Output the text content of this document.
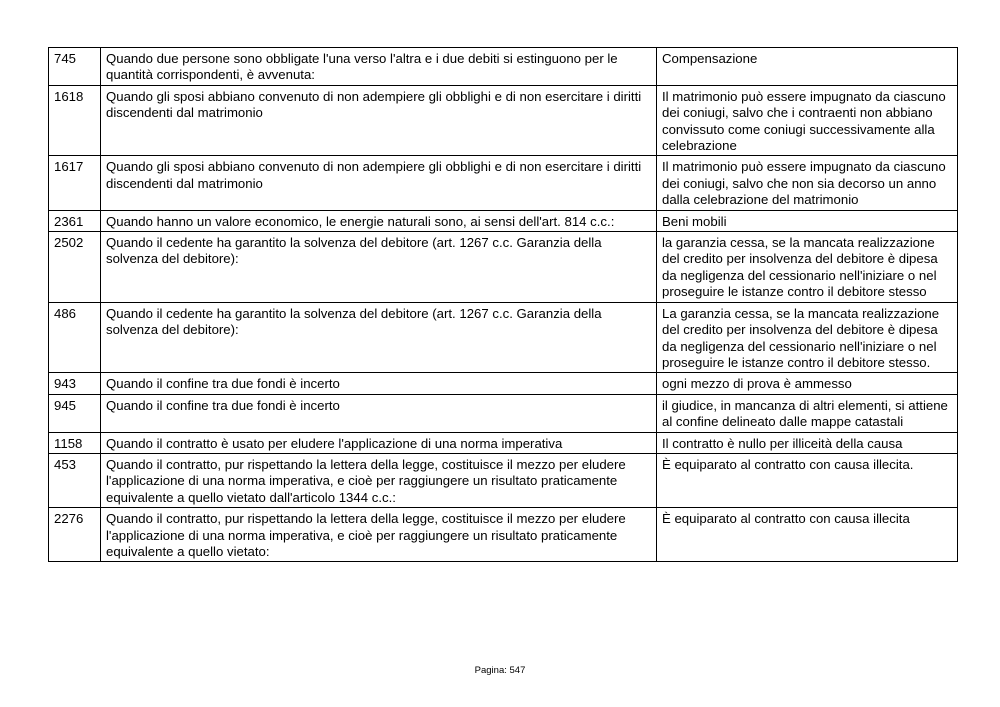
745	Quando due persone sono obbligate l'una verso l'altra e i due debiti si estinguono per le quantità corrispondenti, è avvenuta:	Compensazione
1618	Quando gli sposi abbiano convenuto di non adempiere gli obblighi e di non esercitare i diritti discendenti dal matrimonio	Il matrimonio può essere impugnato da ciascuno dei coniugi, salvo che i contraenti non abbiano convissuto come coniugi successivamente alla celebrazione
1617	Quando gli sposi abbiano convenuto di non adempiere gli obblighi e di non esercitare i diritti discendenti dal matrimonio	Il matrimonio può essere impugnato da ciascuno dei coniugi, salvo che non sia decorso un anno dalla celebrazione del matrimonio
2361	Quando hanno un valore economico, le energie naturali sono, ai sensi dell'art. 814 c.c.:	Beni mobili
2502	Quando il cedente ha garantito la solvenza del debitore (art. 1267 c.c. Garanzia della solvenza del debitore):	la garanzia cessa, se la mancata realizzazione del credito per insolvenza del debitore è dipesa da negligenza del cessionario nell'iniziare o nel proseguire le istanze contro il debitore stesso
486	Quando il cedente ha garantito la solvenza del debitore (art. 1267 c.c. Garanzia della solvenza del debitore):	La garanzia cessa, se la mancata realizzazione del credito per insolvenza del debitore è dipesa da negligenza del cessionario nell'iniziare o nel proseguire le istanze contro il debitore stesso.
943	Quando il confine tra due fondi è incerto	ogni mezzo di prova è ammesso
945	Quando il confine tra due fondi è incerto	il giudice, in mancanza di altri elementi, si attiene al confine delineato dalle mappe catastali
1158	Quando il contratto è usato per eludere l'applicazione di una norma imperativa	Il contratto è nullo per illiceità della causa
453	Quando il contratto, pur rispettando la lettera della legge, costituisce il mezzo per eludere l'applicazione di una norma imperativa, e cioè per raggiungere un risultato praticamente equivalente a quello vietato dall'articolo 1344 c.c.:	È equiparato al contratto con causa illecita.
2276	Quando il contratto, pur rispettando la lettera della legge, costituisce il mezzo per eludere l'applicazione di una norma imperativa, e cioè per raggiungere un risultato praticamente equivalente a quello vietato:	È equiparato al contratto con causa illecita
Pagina: 547
